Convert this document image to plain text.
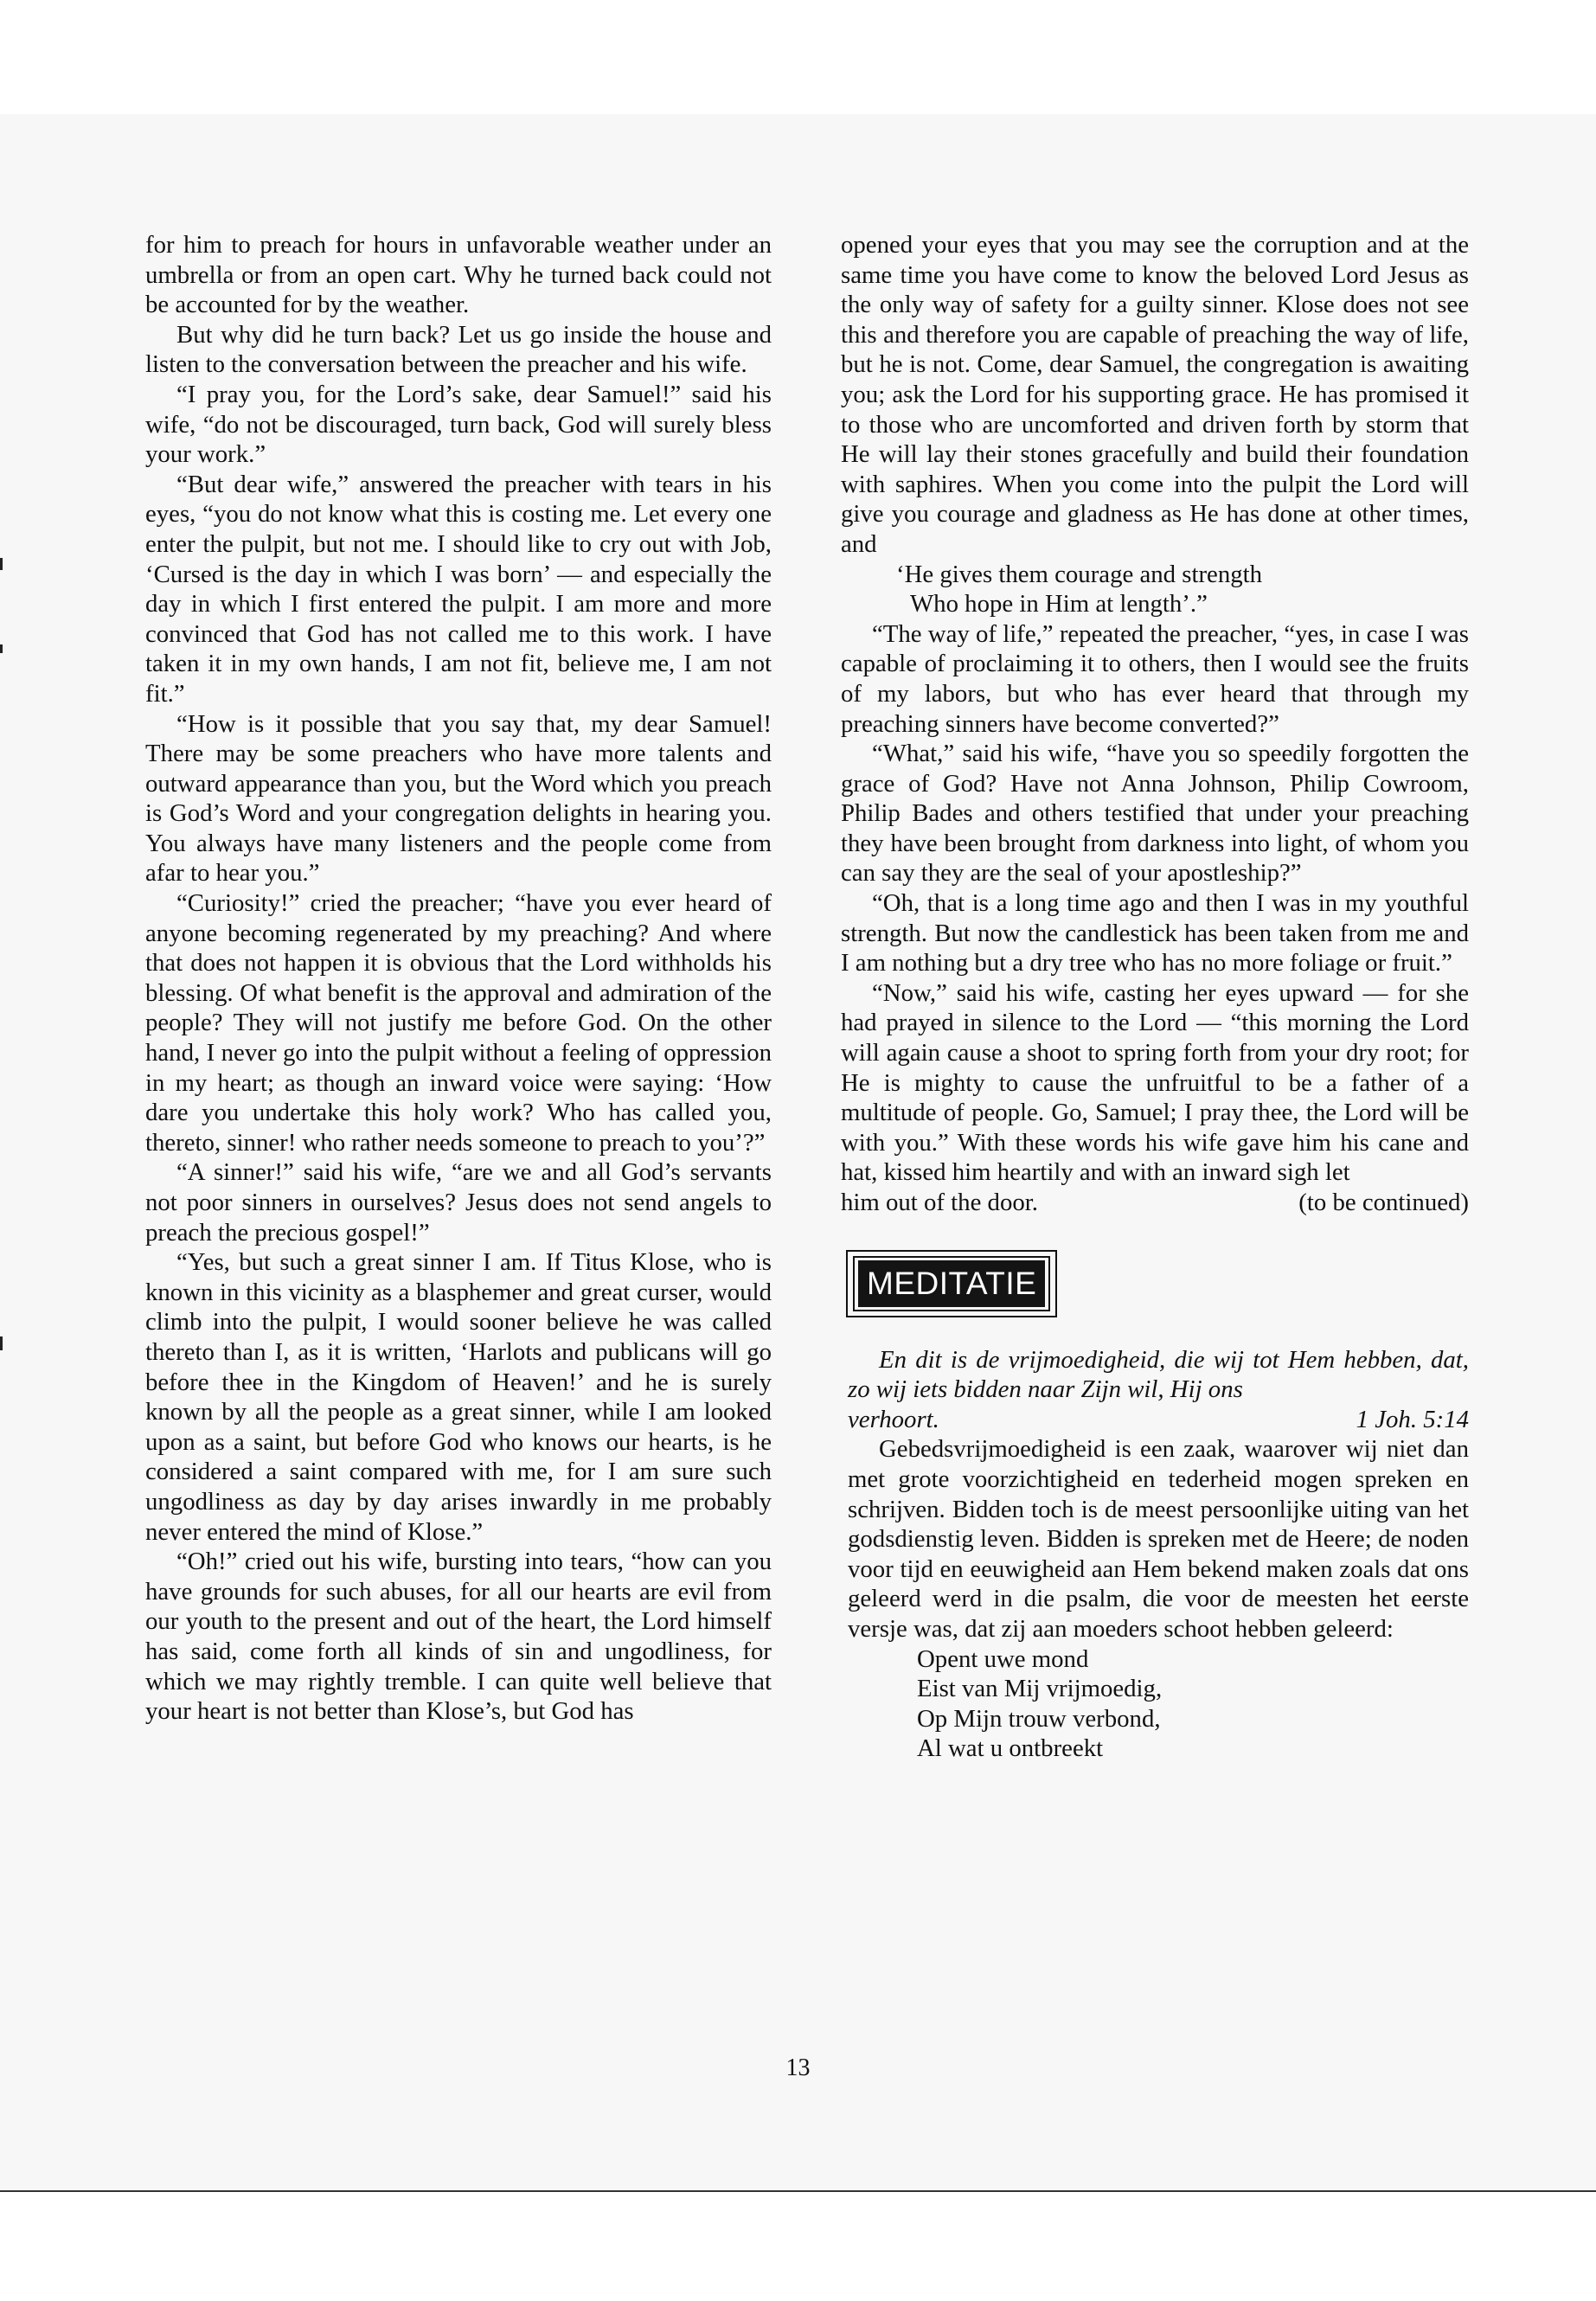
for him to preach for hours in unfavorable weather under an umbrella or from an open cart. Why he turned back could not be accounted for by the weather.

But why did he turn back? Let us go inside the house and listen to the conversation between the preacher and his wife.

“I pray you, for the Lord’s sake, dear Samuel!” said his wife, “do not be discouraged, turn back, God will surely bless your work.”

“But dear wife,” answered the preacher with tears in his eyes, “you do not know what this is costing me. Let every one enter the pulpit, but not me. I should like to cry out with Job, ‘Cursed is the day in which I was born’ — and especially the day in which I first entered the pulpit. I am more and more convinced that God has not called me to this work. I have taken it in my own hands, I am not fit, believe me, I am not fit.”

“How is it possible that you say that, my dear Samuel! There may be some preachers who have more talents and outward appearance than you, but the Word which you preach is God’s Word and your congregation delights in hearing you. You always have many listeners and the people come from afar to hear you.”

“Curiosity!” cried the preacher; “have you ever heard of anyone becoming regenerated by my preaching? And where that does not happen it is obvious that the Lord withholds his blessing. Of what benefit is the approval and admiration of the people? They will not justify me before God. On the other hand, I never go into the pulpit without a feeling of oppression in my heart; as though an inward voice were saying: ‘How dare you undertake this holy work? Who has called you, thereto, sinner! who rather needs someone to preach to you’?”

“A sinner!” said his wife, “are we and all God’s servants not poor sinners in ourselves? Jesus does not send angels to preach the precious gospel!”

“Yes, but such a great sinner I am. If Titus Klose, who is known in this vicinity as a blasphemer and great curser, would climb into the pulpit, I would sooner believe he was called thereto than I, as it is written, ‘Harlots and publicans will go before thee in the Kingdom of Heaven!’ and he is surely known by all the people as a great sinner, while I am looked upon as a saint, but before God who knows our hearts, is he considered a saint compared with me, for I am sure such ungodliness as day by day arises inwardly in me probably never entered the mind of Klose.”

“Oh!” cried out his wife, bursting into tears, “how can you have grounds for such abuses, for all our hearts are evil from our youth to the present and out of the heart, the Lord himself has said, come forth all kinds of sin and ungodliness, for which we may rightly tremble. I can quite well believe that your heart is not better than Klose’s, but God has

opened your eyes that you may see the corruption and at the same time you have come to know the beloved Lord Jesus as the only way of safety for a guilty sinner. Klose does not see this and therefore you are capable of preaching the way of life, but he is not. Come, dear Samuel, the congregation is awaiting you; ask the Lord for his supporting grace. He has promised it to those who are uncomforted and driven forth by storm that He will lay their stones gracefully and build their foundation with saphires. When you come into the pulpit the Lord will give you courage and gladness as He has done at other times, and

‘He gives them courage and strength

Who hope in Him at length’.”

“The way of life,” repeated the preacher, “yes, in case I was capable of proclaiming it to others, then I would see the fruits of my labors, but who has ever heard that through my preaching sinners have become converted?”

“What,” said his wife, “have you so speedily forgotten the grace of God? Have not Anna Johnson, Philip Cowroom, Philip Bades and others testified that under your preaching they have been brought from darkness into light, of whom you can say they are the seal of your apostleship?”

“Oh, that is a long time ago and then I was in my youthful strength. But now the candlestick has been taken from me and I am nothing but a dry tree who has no more foliage or fruit.”

“Now,” said his wife, casting her eyes upward — for she had prayed in silence to the Lord — “this morning the Lord will again cause a shoot to spring forth from your dry root; for He is mighty to cause the unfruitful to be a father of a multitude of people. Go, Samuel; I pray thee, the Lord will be with you.” With these words his wife gave him his cane and hat, kissed him heartily and with an inward sigh let

him out of the door.	(to be continued)
MEDITATIE

En dit is de vrijmoedigheid, die wij tot Hem hebben, dat, zo wij iets bidden naar Zijn wil, Hij ons

verhoort.	1 Joh. 5:14

Gebedsvrijmoedigheid is een zaak, waarover wij niet dan met grote voorzichtigheid en tederheid mogen spreken en schrijven. Bidden toch is de meest persoonlijke uiting van het godsdienstig leven. Bidden is spreken met de Heere; de noden voor tijd en eeuwigheid aan Hem bekend maken zoals dat ons geleerd werd in die psalm, die voor de meesten het eerste versje was, dat zij aan moeders schoot hebben geleerd:

Opent uwe mond

Eist van Mij vrijmoedig,

Op Mijn trouw verbond,

Al wat u ontbreekt

13
